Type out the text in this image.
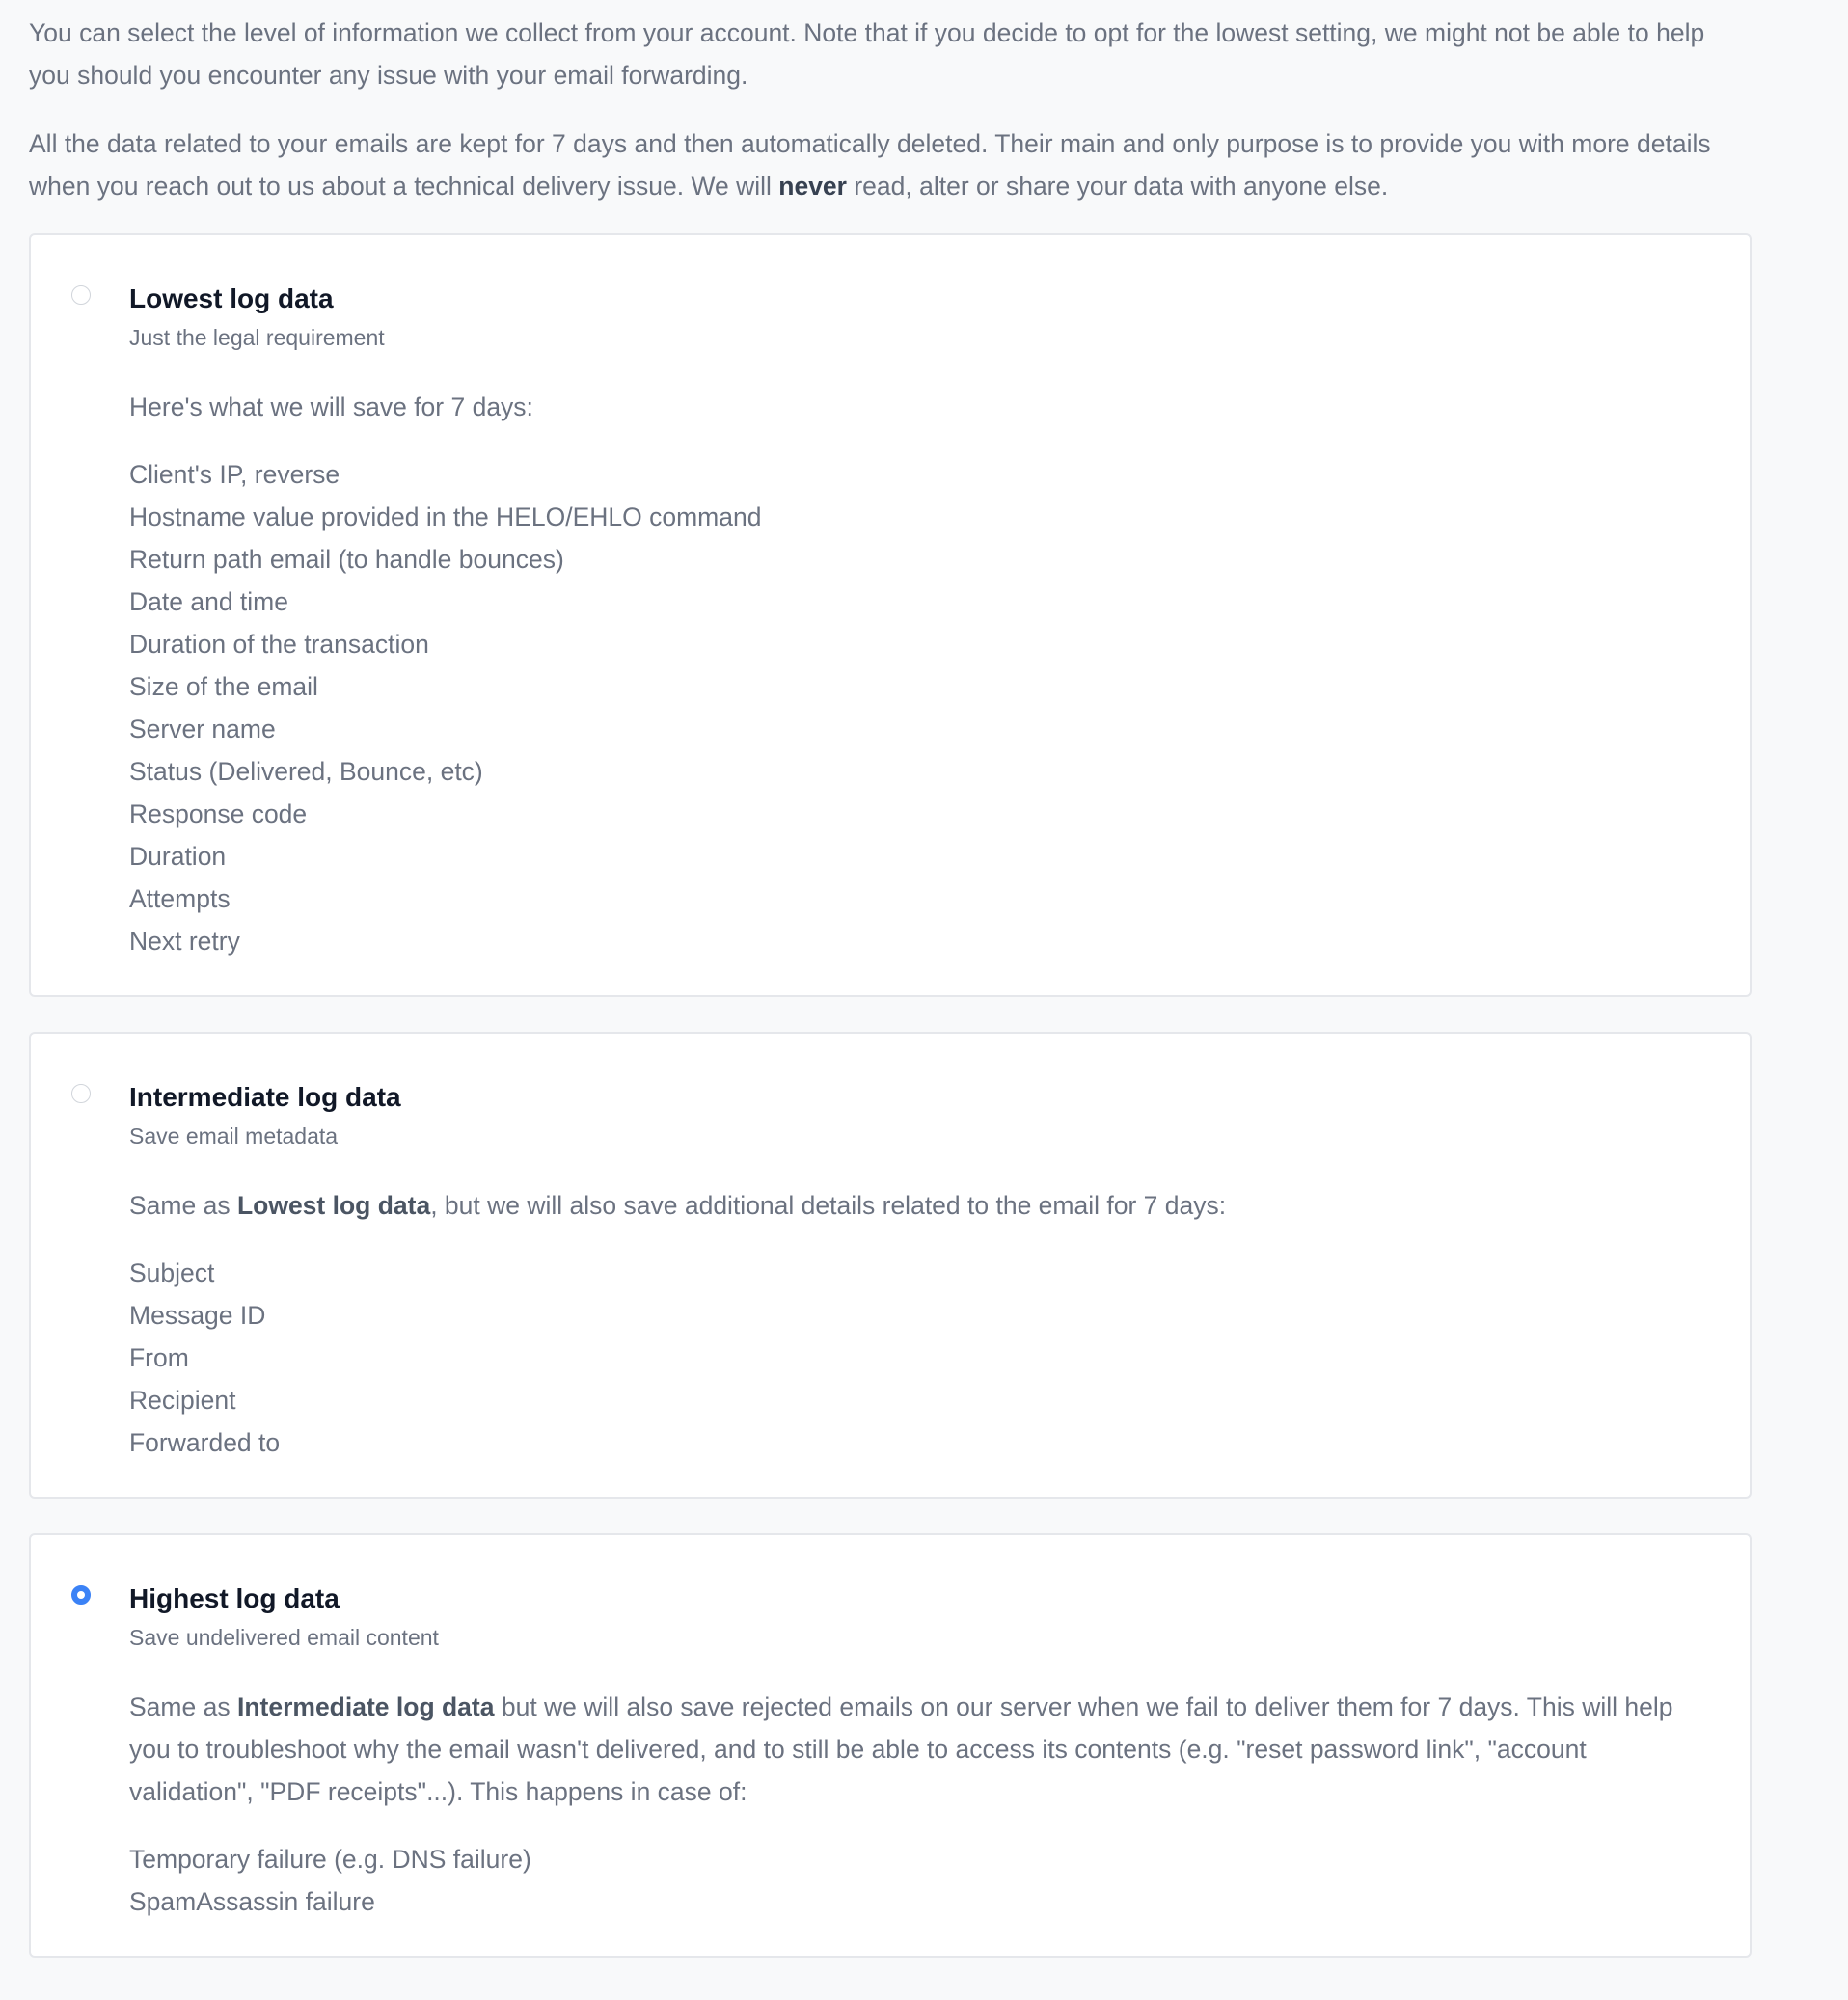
You can select the level of information we collect from your account. Note that if you decide to opt for the lowest setting, we might not be able to help you should you encounter any issue with your email forwarding.

All the data related to your emails are kept for 7 days and then automatically deleted. Their main and only purpose is to provide you with more details when you reach out to us about a technical delivery issue. We will never read, alter or share your data with anyone else.

Lowest log data
Just the legal requirement
Here's what we will save for 7 days:
Client's IP, reverse
Hostname value provided in the HELO/EHLO command
Return path email (to handle bounces)
Date and time
Duration of the transaction
Size of the email
Server name
Status (Delivered, Bounce, etc)
Response code
Duration
Attempts
Next retry
Intermediate log data
Save email metadata
Same as Lowest log data, but we will also save additional details related to the email for 7 days:
Subject
Message ID
From
Recipient
Forwarded to
Highest log data
Save undelivered email content
Same as Intermediate log data but we will also save rejected emails on our server when we fail to deliver them for 7 days. This will help you to troubleshoot why the email wasn't delivered, and to still be able to access its contents (e.g. "reset password link", "account validation", "PDF receipts"...). This happens in case of:
Temporary failure (e.g. DNS failure)
SpamAssassin failure
